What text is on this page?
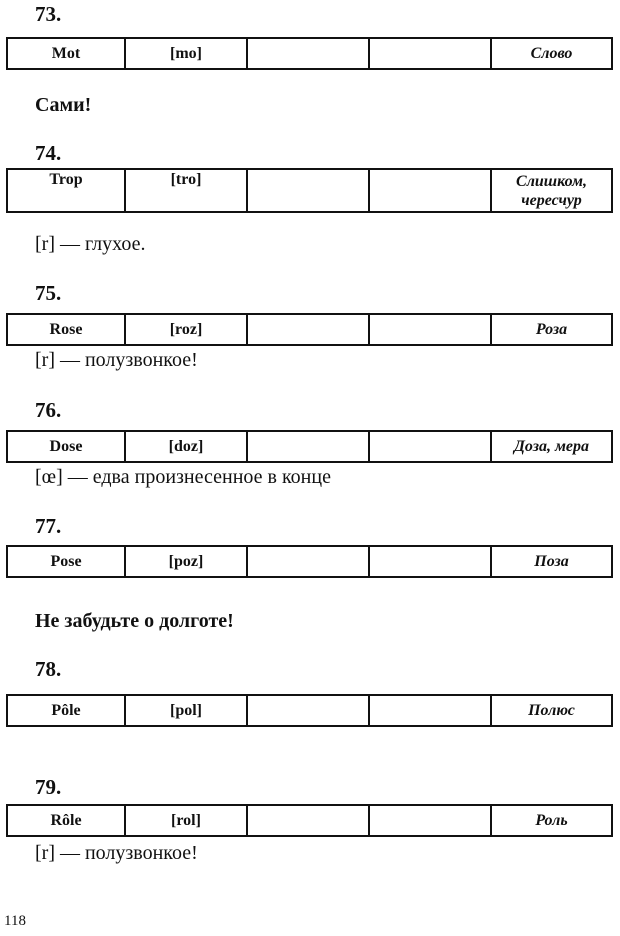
73.

Mot	[mo]			Слово

Сами!

74.

Trop	[tro]			Слишком, чересчур

[r] — глухое.

75.

Rose	[roz]			Роза

[r] — полузвонкое!

76.

Dose	[doz]			Доза, мера

[œ] — едва произнесенное в конце

77.

Pose	[poz]			Поза

Не забудьте о долготе!

78.

Pôle	[pol]			Полюс

79.

Rôle	[rol]			Роль

[r] — полузвонкое!

118
